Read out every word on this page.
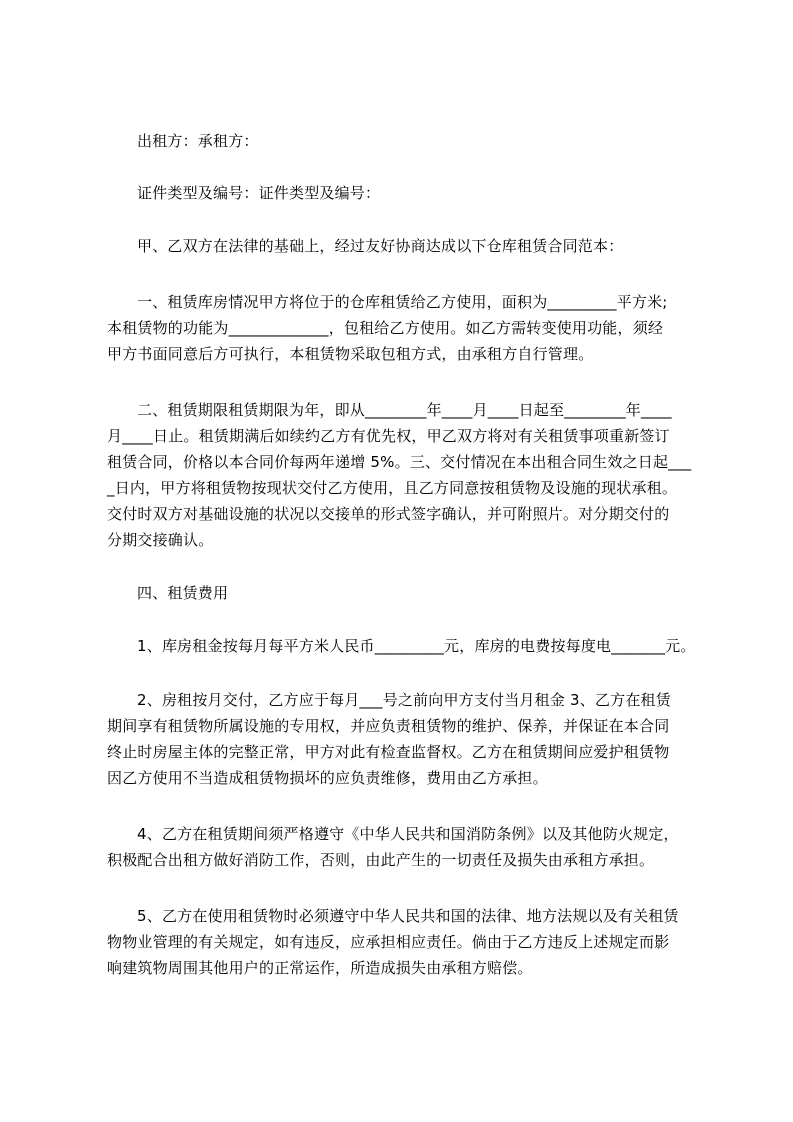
出租方：承租方：
证件类型及编号：证件类型及编号：
甲、乙双方在法律的基础上，经过友好协商达成以下仓库租赁合同范本：
一、租赁库房情况甲方将位于的仓库租赁给乙方使用，面积为_________平方米;
本租赁物的功能为_____________，包租给乙方使用。如乙方需转变使用功能，须经
甲方书面同意后方可执行，本租赁物采取包租方式，由承租方自行管理。
二、租赁期限租赁期限为年，即从________年____月____日起至________年____
月____日止。租赁期满后如续约乙方有优先权，甲乙双方将对有关租赁事项重新签订
租赁合同，价格以本合同价每两年递增 5%。三、交付情况在本出租合同生效之日起___
_日内，甲方将租赁物按现状交付乙方使用，且乙方同意按租赁物及设施的现状承租。
交付时双方对基础设施的状况以交接单的形式签字确认，并可附照片。对分期交付的
分期交接确认。
四、租赁费用
1、库房租金按每月每平方米人民币_________元，库房的电费按每度电_______元。
2、房租按月交付，乙方应于每月___号之前向甲方支付当月租金 3、乙方在租赁
期间享有租赁物所属设施的专用权，并应负责租赁物的维护、保养，并保证在本合同
终止时房屋主体的完整正常，甲方对此有检查监督权。乙方在租赁期间应爱护租赁物
因乙方使用不当造成租赁物损坏的应负责维修，费用由乙方承担。
4、乙方在租赁期间须严格遵守《中华人民共和国消防条例》以及其他防火规定，
积极配合出租方做好消防工作，否则，由此产生的一切责任及损失由承租方承担。
5、乙方在使用租赁物时必须遵守中华人民共和国的法律、地方法规以及有关租赁
物物业管理的有关规定，如有违反，应承担相应责任。倘由于乙方违反上述规定而影
响建筑物周围其他用户的正常运作，所造成损失由承租方赔偿。
